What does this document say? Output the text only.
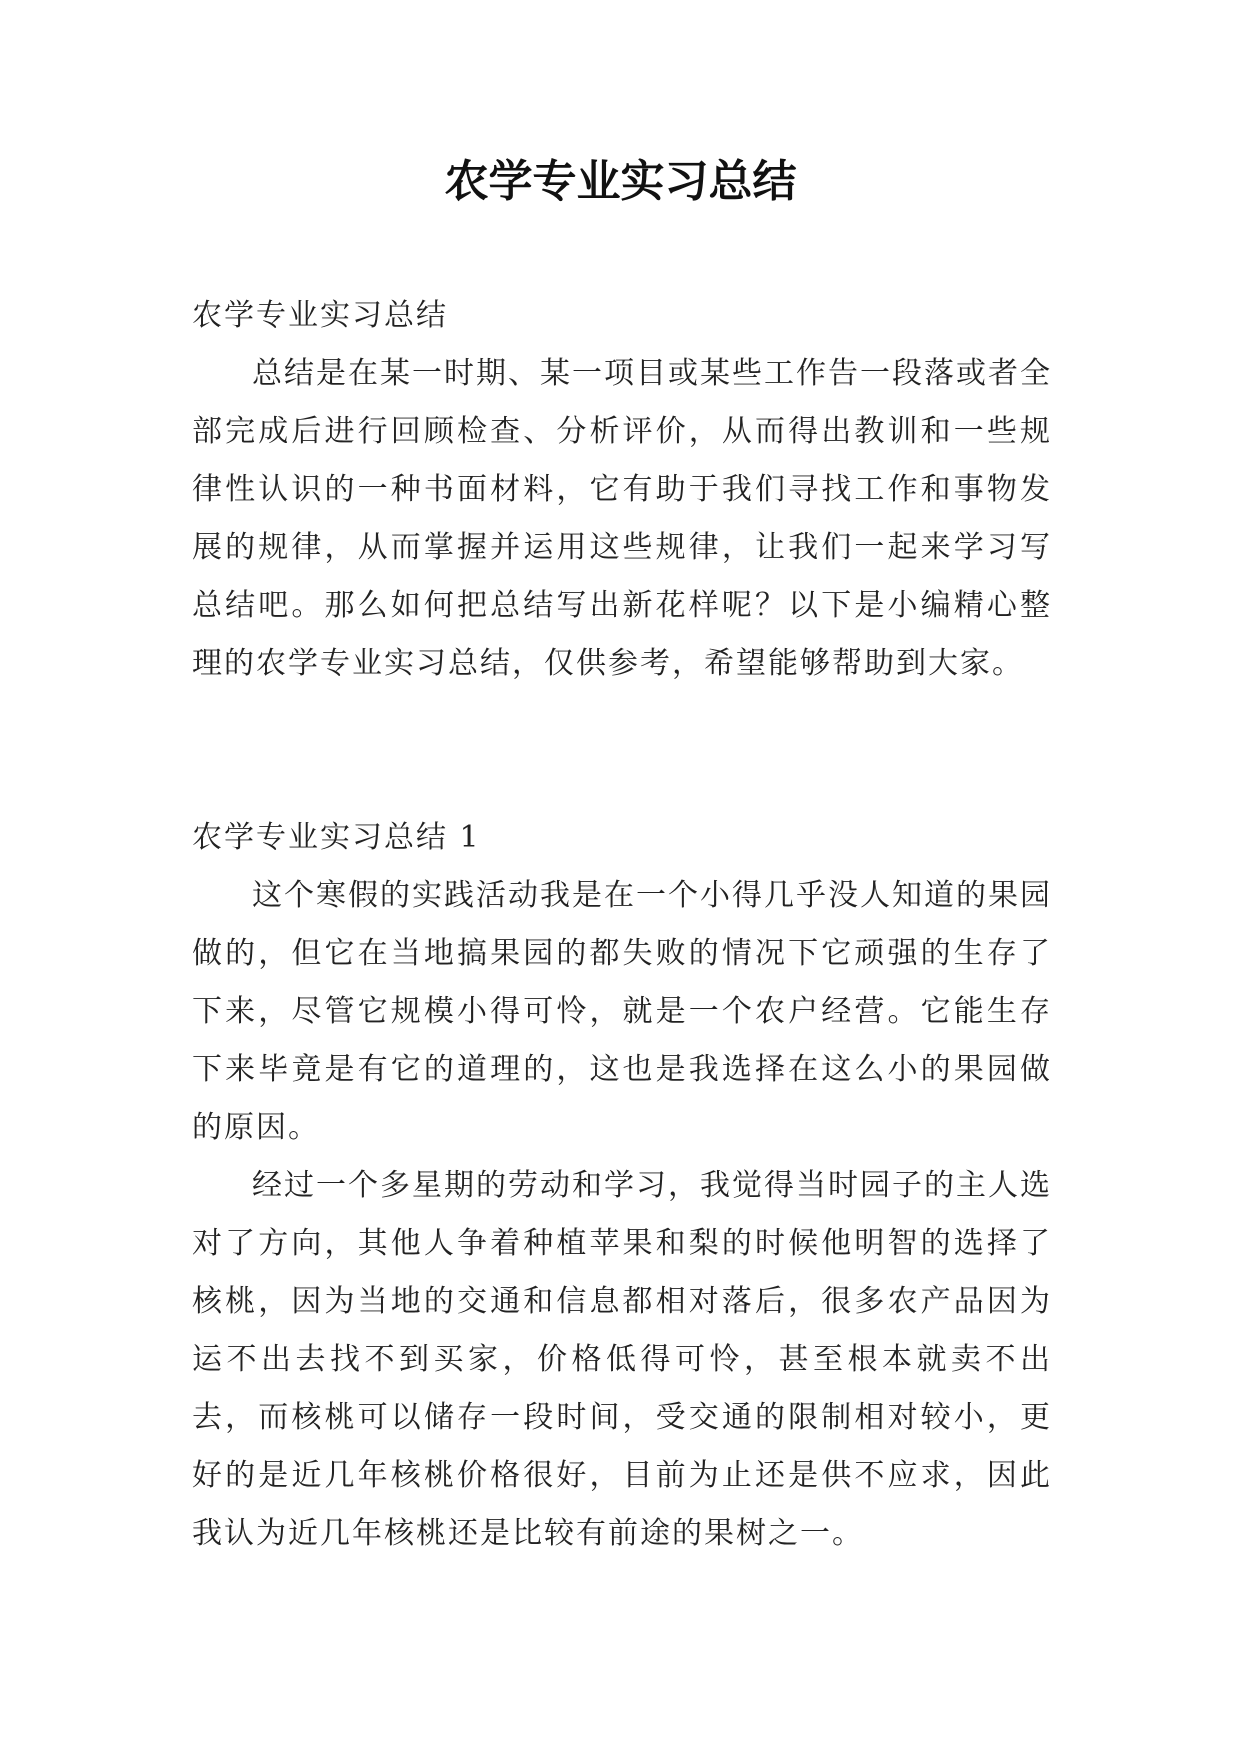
农学专业实习总结

农学专业实习总结

总结是在某一时期、某一项目或某些工作告一段落或者全部完成后进行回顾检查、分析评价，从而得出教训和一些规律性认识的一种书面材料，它有助于我们寻找工作和事物发展的规律，从而掌握并运用这些规律，让我们一起来学习写总结吧。那么如何把总结写出新花样呢？以下是小编精心整理的农学专业实习总结，仅供参考，希望能够帮助到大家。

农学专业实习总结 1

这个寒假的实践活动我是在一个小得几乎没人知道的果园做的，但它在当地搞果园的都失败的情况下它顽强的生存了下来，尽管它规模小得可怜，就是一个农户经营。它能生存下来毕竟是有它的道理的，这也是我选择在这么小的果园做的原因。

经过一个多星期的劳动和学习，我觉得当时园子的主人选对了方向，其他人争着种植苹果和梨的时候他明智的选择了核桃，因为当地的交通和信息都相对落后，很多农产品因为运不出去找不到买家，价格低得可怜，甚至根本就卖不出去，而核桃可以储存一段时间，受交通的限制相对较小，更好的是近几年核桃价格很好，目前为止还是供不应求，因此我认为近几年核桃还是比较有前途的果树之一。
